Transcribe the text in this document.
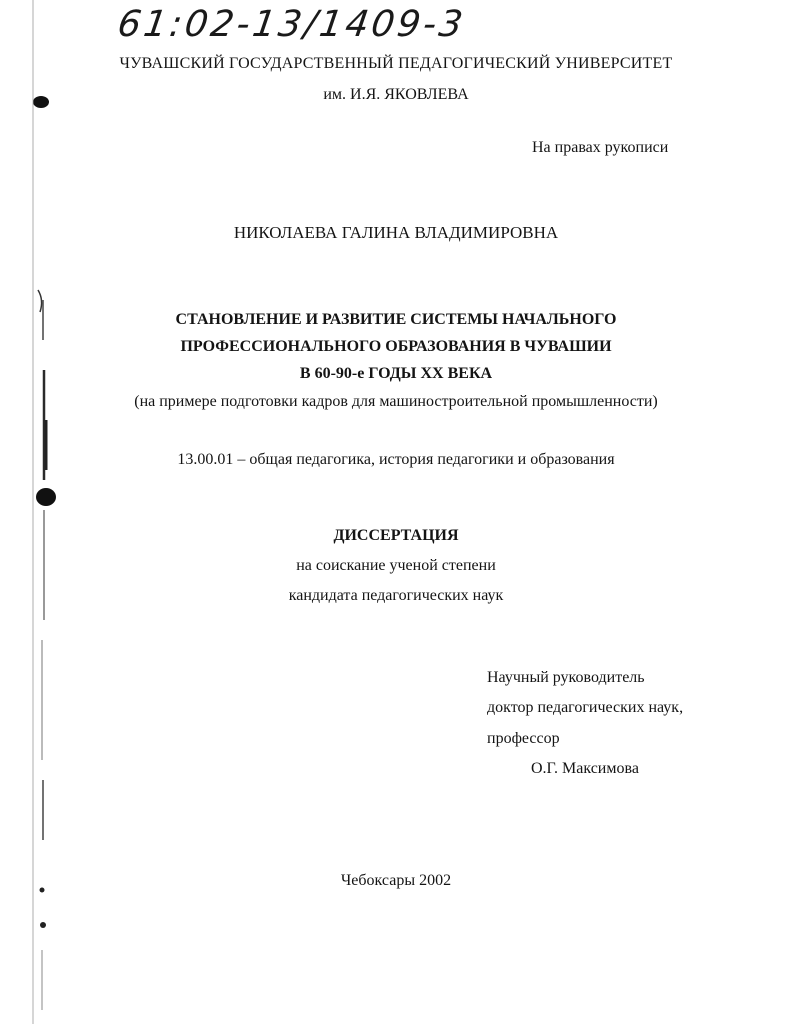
61:02-13/1409-3
ЧУВАШСКИЙ ГОСУДАРСТВЕННЫЙ ПЕДАГОГИЧЕСКИЙ УНИВЕРСИТЕТ
им. И.Я. ЯКОВЛЕВА
На правах рукописи
НИКОЛАЕВА ГАЛИНА ВЛАДИМИРОВНА
СТАНОВЛЕНИЕ И РАЗВИТИЕ СИСТЕМЫ НАЧАЛЬНОГО
ПРОФЕССИОНАЛЬНОГО ОБРАЗОВАНИЯ В ЧУВАШИИ
В 60-90-е ГОДЫ XX ВЕКА
(на примере подготовки кадров для машиностроительной промышленности)
13.00.01 – общая педагогика, история педагогики и образования
ДИССЕРТАЦИЯ
на соискание ученой степени
кандидата педагогических наук
Научный руководитель
доктор педагогических наук,
профессор
О.Г. Максимова
Чебоксары 2002
